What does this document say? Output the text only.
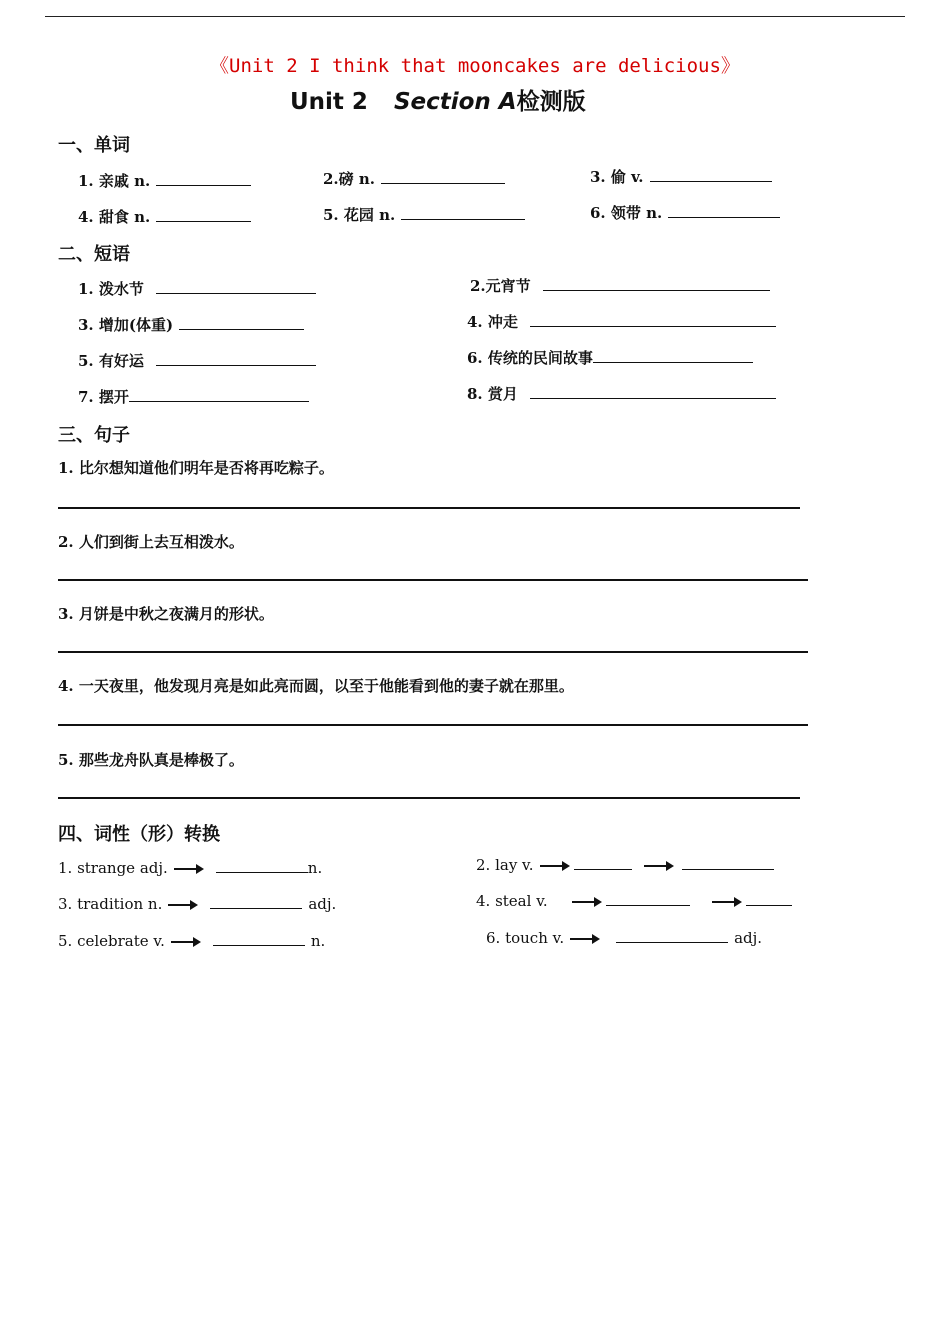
《Unit 2 I think that mooncakes are delicious》
Unit 2 Section A检测版
一、单词
1. 亲戚 n.	2.磅 n.	3. 偷 v.
4. 甜食 n.	5. 花园 n.	6. 领带 n.
二、短语
1. 泼水节	2.元宵节
3. 增加(体重)	4. 冲走
5. 有好运	6. 传统的民间故事
7. 摆开	8. 赏月
三、句子
1. 比尔想知道他们明年是否将再吃粽子。
2. 人们到街上去互相泼水。
3. 月饼是中秋之夜满月的形状。
4. 一天夜里，他发现月亮是如此亮而圆，以至于他能看到他的妻子就在那里。
5. 那些龙舟队真是棒极了。
四、词性（形）转换
1. strange adj.	n.	2. lay v.
3. tradition n.	adj.	4. steal v.
5. celebrate v.	n.	6. touch v.	adj.
